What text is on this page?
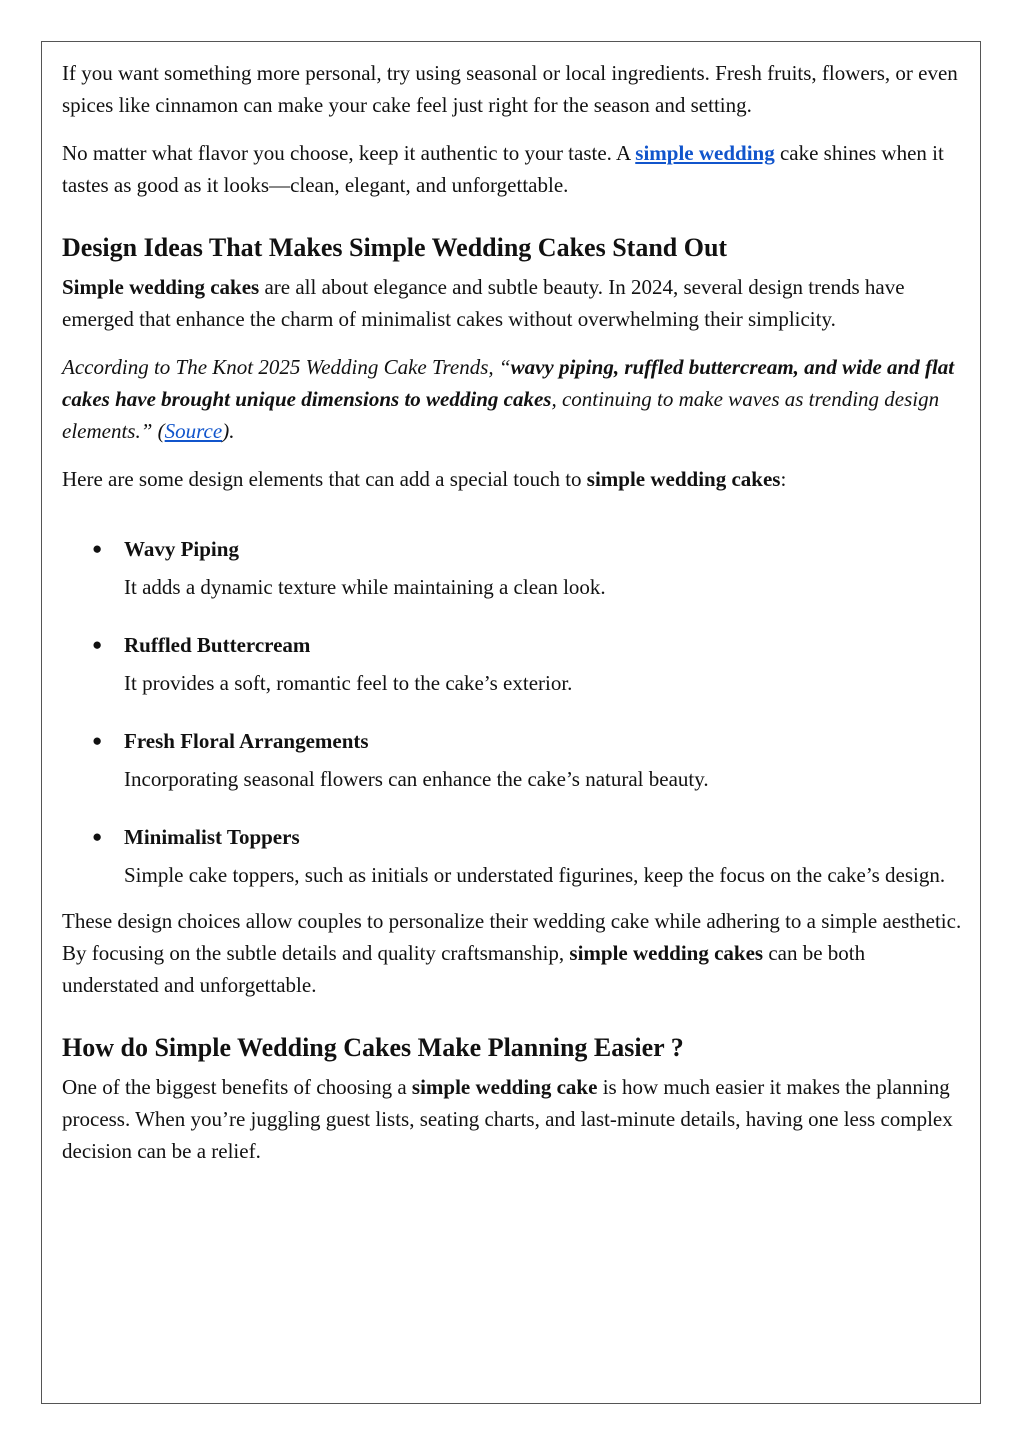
If you want something more personal, try using seasonal or local ingredients. Fresh fruits, flowers, or even spices like cinnamon can make your cake feel just right for the season and setting.

No matter what flavor you choose, keep it authentic to your taste. A simple wedding cake shines when it tastes as good as it looks—clean, elegant, and unforgettable.

Design Ideas That Makes Simple Wedding Cakes Stand Out

Simple wedding cakes are all about elegance and subtle beauty. In 2024, several design trends have emerged that enhance the charm of minimalist cakes without overwhelming their simplicity.

According to The Knot 2025 Wedding Cake Trends, “wavy piping, ruffled buttercream, and wide and flat cakes have brought unique dimensions to wedding cakes, continuing to make waves as trending design elements.” (Source).

Here are some design elements that can add a special touch to simple wedding cakes:

● Wavy Piping
It adds a dynamic texture while maintaining a clean look.
● Ruffled Buttercream
It provides a soft, romantic feel to the cake’s exterior.
● Fresh Floral Arrangements
Incorporating seasonal flowers can enhance the cake’s natural beauty.
● Minimalist Toppers
Simple cake toppers, such as initials or understated figurines, keep the focus on the cake’s design.

These design choices allow couples to personalize their wedding cake while adhering to a simple aesthetic. By focusing on the subtle details and quality craftsmanship, simple wedding cakes can be both understated and unforgettable.

How do Simple Wedding Cakes Make Planning Easier ?

One of the biggest benefits of choosing a simple wedding cake is how much easier it makes the planning process. When you’re juggling guest lists, seating charts, and last-minute details, having one less complex decision can be a relief.
